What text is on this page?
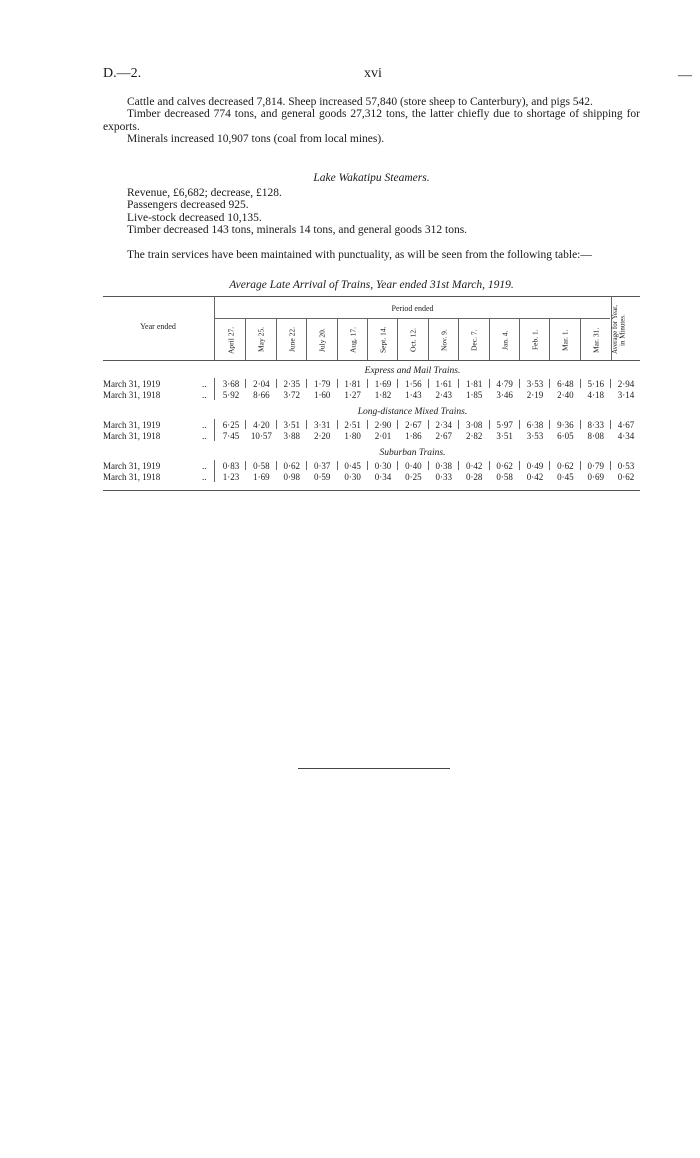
D.—2.	xvi	—

Cattle and calves decreased 7,814. Sheep increased 57,840 (store sheep to Canterbury), and pigs 542.

Timber decreased 774 tons, and general goods 27,312 tons, the latter chiefly due to shortage of shipping for exports.

Minerals increased 10,907 tons (coal from local mines).

Lake Wakatipu Steamers.

Revenue, £6,682; decrease, £128.

Passengers decreased 925.

Live-stock decreased 10,135.

Timber decreased 143 tons, minerals 14 tons, and general goods 312 tons.

The train services have been maintained with punctuality, as will be seen from the following table:—

Average Late Arrival of Trains, Year ended 31st March, 1919.
Year ended
Period ended	Average for Year, in Minutes.
April 27.	May 25.	June 22.	July 20.	Aug. 17.	Sept. 14.	Oct. 12.	Nov. 9.	Dec. 7.	Jan. 4.	Feb. 1.	Mar. 1.	Mar. 31.
Express and Mail Trains.
March 31, 1919	..	3·68	2·04	2·35	1·79	1·81	1·69	1·56	1·61	1·81	4·79	3·53	6·48	5·16	2·94
March 31, 1918	..	5·92	8·66	3·72	1·60	1·27	1·82	1·43	2·43	1·85	3·46	2·19	2·40	4·18	3·14
Long-distance Mixed Trains.
March 31, 1919	..	6·25	4·20	3·51	3·31	2·51	2·90	2·67	2·34	3·08	5·97	6·38	9·36	8·33	4·67
March 31, 1918	..	7·45	10·57	3·88	2·20	1·80	2·01	1·86	2·67	2·82	3·51	3·53	6·05	8·08	4·34
Suburban Trains.
March 31, 1919	..	0·83	0·58	0·62	0·37	0·45	0·30	0·40	0·38	0·42	0·62	0·49	0·62	0·79	0·53
March 31, 1918	..	1·23	1·69	0·98	0·59	0·30	0·34	0·25	0·33	0·28	0·58	0·42	0·45	0·69	0·62
